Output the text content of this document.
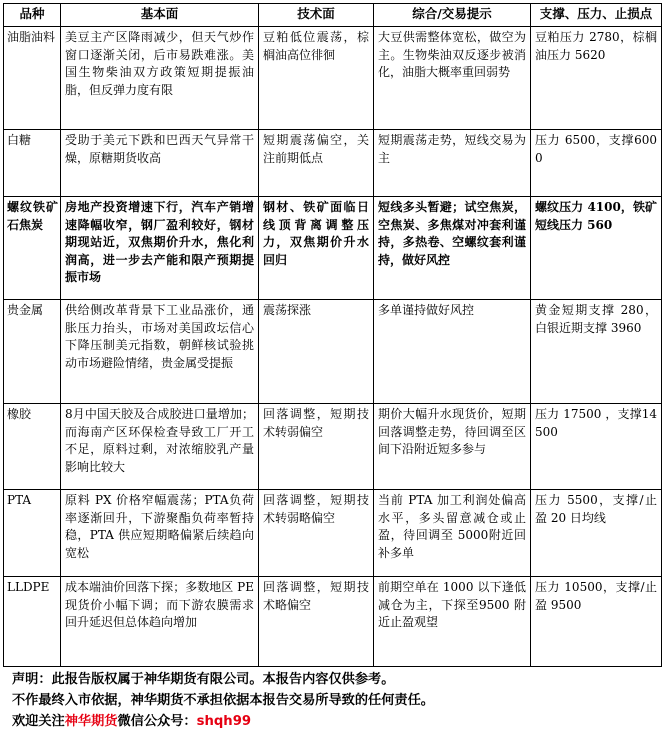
品种	基本面	技术面	综合/交易提示	支撑、压力、止损点
油脂油料	美豆主产区降雨减少，但天气炒作窗口逐渐关闭，后市易跌难涨。美国生物柴油双方政策短期提振油脂，但反弹力度有限	豆粕低位震荡，棕榈油高位徘徊	大豆供需整体宽松，做空为主。生物柴油双反逐步被消化，油脂大概率重回弱势	豆粕压力 2780，棕榈油压力 5620
白糖	受助于美元下跌和巴西天气异常干燥，原糖期货收高	短期震荡偏空，关注前期低点	短期震荡走势，短线交易为主	压力 6500，支撑6000
螺纹铁矿石焦炭	房地产投资增速下行，汽车产销增速降幅收窄，钢厂盈利较好，钢材期现站近，双焦期价升水，焦化利润高，进一步去产能和限产预期提振市场	钢材、铁矿面临日线顶背离调整压力，双焦期价升水回归	短线多头暂避；试空焦炭，空焦炭、多焦煤对冲套利谨持，多热卷、空螺纹套利谨持，做好风控	螺纹压力 4100，铁矿短线压力 560
贵金属	供给侧改革背景下工业品涨价，通胀压力抬头，市场对美国政坛信心下降压制美元指数，朝鲜核试验挑动市场避险情绪，贵金属受提振	震荡探涨	多单谨持做好风控	黄金短期支撑 280，白银近期支撑 3960
橡胶	8月中国天胶及合成胶进口量增加；而海南产区环保检查导致工厂开工不足，原料过剩，对浓缩胶乳产量影响比较大	回落调整，短期技术转弱偏空	期价大幅升水现货价，短期回落调整走势，待回调至区间下沿附近短多参与	压力 17500 ，支撑14500
PTA	原料 PX 价格窄幅震荡；PTA负荷率逐渐回升，下游聚酯负荷率暂持稳，PTA 供应短期略偏紧后续趋向宽松	回落调整，短期技术转弱略偏空	当前 PTA 加工利润处偏高水平，多头留意减仓或止盈，待回调至 5000附近回补多单	压力 5500，支撑/止盈 20 日均线
LLDPE	成本端油价回落下探；多数地区 PE 现货价小幅下调；而下游农膜需求回升延迟但总体趋向增加	回落调整，短期技术略偏空	前期空单在 1000 以下逢低减仓为主，下探至9500 附近止盈观望	压力 10500，支撑/止盈 9500
声明：此报告版权属于神华期货有限公司。本报告内容仅供参考。
不作最终入市依据，神华期货不承担依据本报告交易所导致的任何责任。
欢迎关注神华期货微信公众号：shqh99
